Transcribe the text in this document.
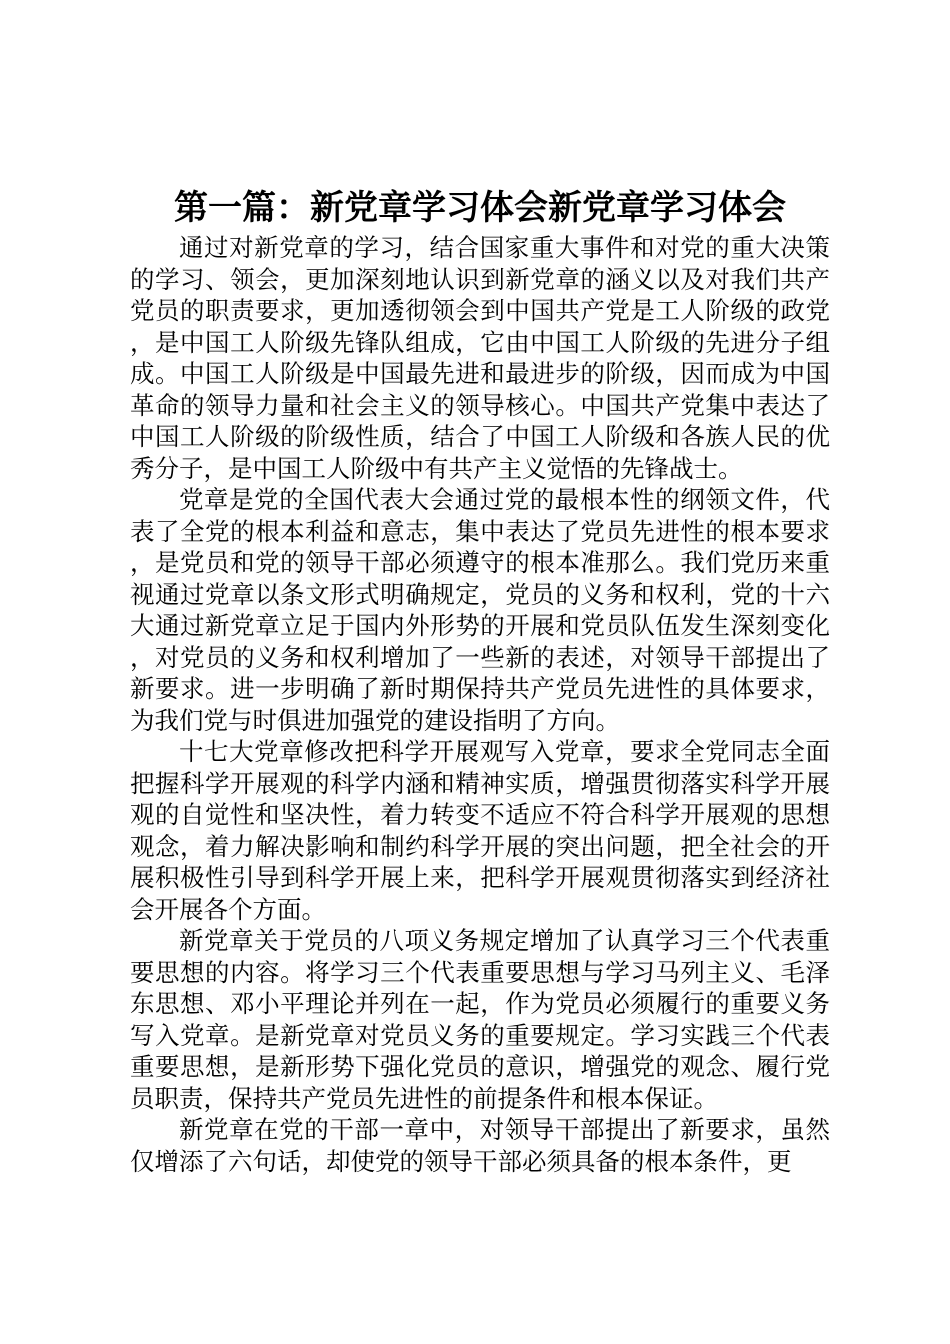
第一篇：新党章学习体会新党章学习体会

通过对新党章的学习，结合国家重大事件和对党的重大决策的学习、领会，更加深刻地认识到新党章的涵义以及对我们共产党员的职责要求，更加透彻领会到中国共产党是工人阶级的政党，是中国工人阶级先锋队组成，它由中国工人阶级的先进分子组成。中国工人阶级是中国最先进和最进步的阶级，因而成为中国革命的领导力量和社会主义的领导核心。中国共产党集中表达了中国工人阶级的阶级性质，结合了中国工人阶级和各族人民的优秀分子，是中国工人阶级中有共产主义觉悟的先锋战士。

党章是党的全国代表大会通过党的最根本性的纲领文件，代表了全党的根本利益和意志，集中表达了党员先进性的根本要求，是党员和党的领导干部必须遵守的根本准那么。我们党历来重视通过党章以条文形式明确规定，党员的义务和权利，党的十六大通过新党章立足于国内外形势的开展和党员队伍发生深刻变化，对党员的义务和权利增加了一些新的表述，对领导干部提出了新要求。进一步明确了新时期保持共产党员先进性的具体要求，为我们党与时俱进加强党的建设指明了方向。

十七大党章修改把科学开展观写入党章，要求全党同志全面把握科学开展观的科学内涵和精神实质，增强贯彻落实科学开展观的自觉性和坚决性，着力转变不适应不符合科学开展观的思想观念，着力解决影响和制约科学开展的突出问题，把全社会的开展积极性引导到科学开展上来，把科学开展观贯彻落实到经济社会开展各个方面。

新党章关于党员的八项义务规定增加了认真学习三个代表重要思想的内容。将学习三个代表重要思想与学习马列主义、毛泽东思想、邓小平理论并列在一起，作为党员必须履行的重要义务写入党章。是新党章对党员义务的重要规定。学习实践三个代表重要思想，是新形势下强化党员的意识，增强党的观念、履行党员职责，保持共产党员先进性的前提条件和根本保证。

新党章在党的干部一章中，对领导干部提出了新要求，虽然仅增添了六句话，却使党的领导干部必须具备的根本条件，更
